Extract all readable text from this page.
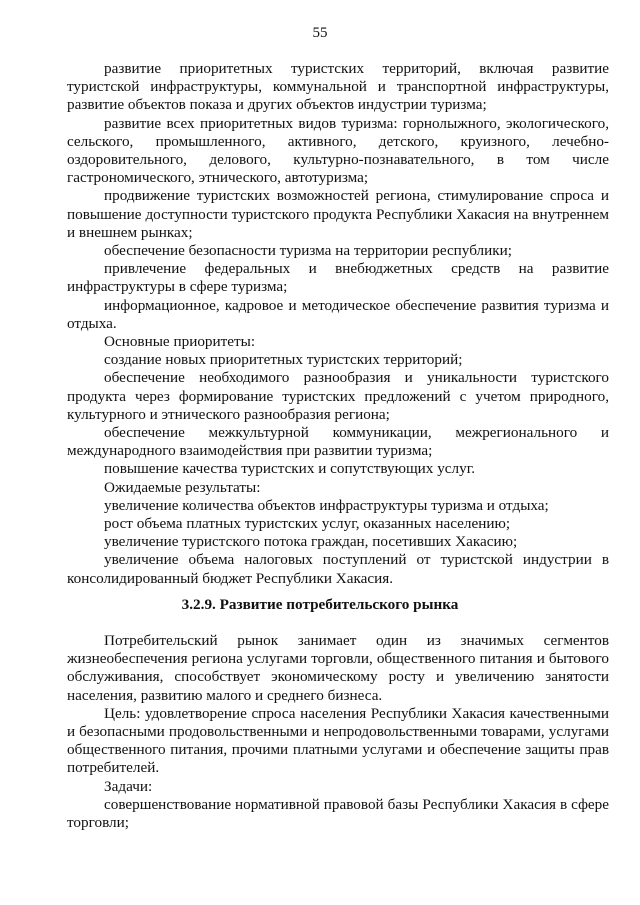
55

развитие приоритетных туристских территорий, включая развитие туристской инфраструктуры, коммунальной и транспортной инфраструктуры, развитие объектов показа и других объектов индустрии туризма;

развитие всех приоритетных видов туризма: горнолыжного, экологического, сельского, промышленного, активного, детского, круизного, лечебно-оздоровительного, делового, культурно-познавательного, в том числе гастрономического, этнического, автотуризма;

продвижение туристских возможностей региона, стимулирование спроса и повышение доступности туристского продукта Республики Хакасия на внутреннем и внешнем рынках;

обеспечение безопасности туризма на территории республики;

привлечение федеральных и внебюджетных средств на развитие инфраструктуры в сфере туризма;

информационное, кадровое и методическое обеспечение развития туризма и отдыха.

Основные приоритеты:

создание новых приоритетных туристских территорий;

обеспечение необходимого разнообразия и уникальности туристского продукта через формирование туристских предложений с учетом природного, культурного и этнического разнообразия региона;

обеспечение межкультурной коммуникации, межрегионального и международного взаимодействия при развитии туризма;

повышение качества туристских и сопутствующих услуг.

Ожидаемые результаты:

увеличение количества объектов инфраструктуры туризма и отдыха;

рост объема платных туристских услуг, оказанных населению;

увеличение туристского потока граждан, посетивших Хакасию;

увеличение объема налоговых поступлений от туристской индустрии в консолидированный бюджет Республики Хакасия.

3.2.9. Развитие потребительского рынка

Потребительский рынок занимает один из значимых сегментов жизнеобеспечения региона услугами торговли, общественного питания и бытового обслуживания, способствует экономическому росту и увеличению занятости населения, развитию малого и среднего бизнеса.

Цель: удовлетворение спроса населения Республики Хакасия качественными и безопасными продовольственными и непродовольственными товарами, услугами общественного питания, прочими платными услугами и обеспечение защиты прав потребителей.

Задачи:

совершенствование нормативной правовой базы Республики Хакасия в сфере торговли;
